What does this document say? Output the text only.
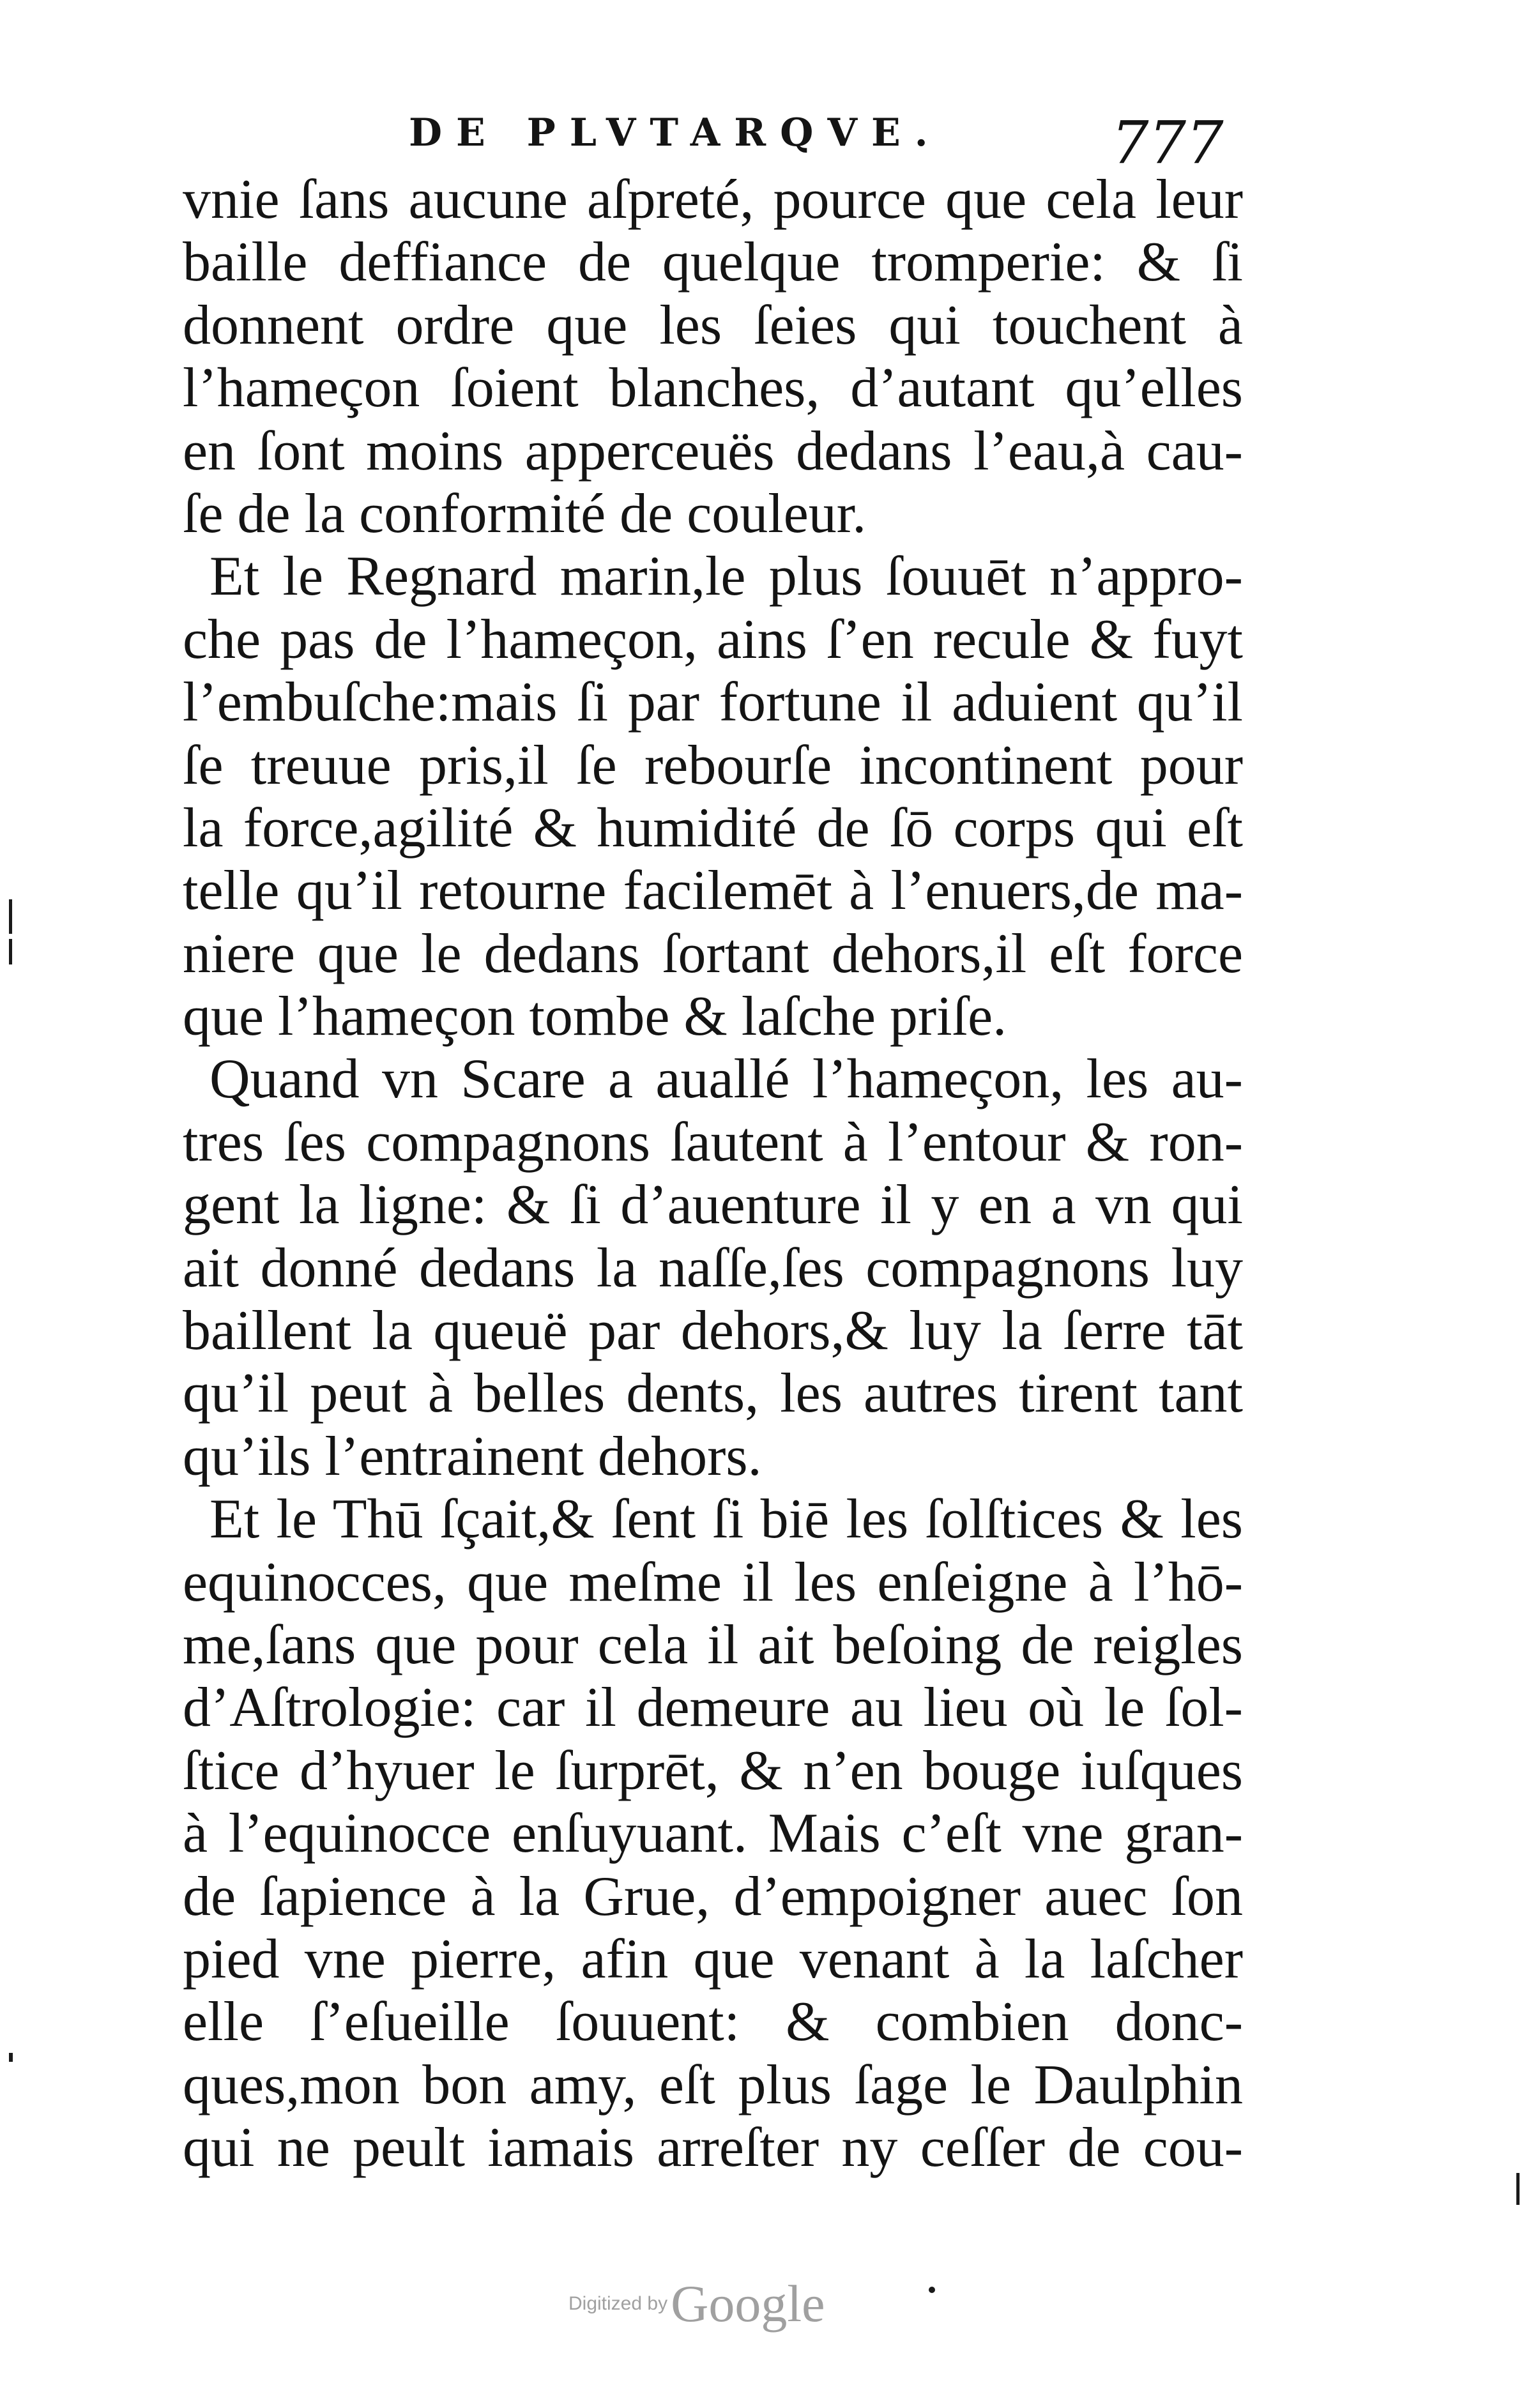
DE PLVTARQVE.	777
vnie ſans aucune aſpreté, pource que cela leur
baille deffiance de quelque tromperie: & ſi
donnent ordre que les ſeies qui touchent à
l’hameçon ſoient blanches, d’autant qu’elles
en ſont moins apperceuës dedans l’eau,à cau-
ſe de la conformité de couleur.
Et le Regnard marin,le plus ſouuēt n’appro-
che pas de l’hameçon, ains ſ’en recule & fuyt
l’embuſche:mais ſi par fortune il aduient qu’il
ſe treuue pris,il ſe rebourſe incontinent pour
la force,agilité & humidité de ſō corps qui eſt
telle qu’il retourne facilemēt à l’enuers,de ma-
niere que le dedans ſortant dehors,il eſt force
que l’hameçon tombe & laſche priſe.
Quand vn Scare a auallé l’hameçon, les au-
tres ſes compagnons ſautent à l’entour & ron-
gent la ligne: & ſi d’auenture il y en a vn qui
ait donné dedans la naſſe,ſes compagnons luy
baillent la queuë par dehors,& luy la ſerre tāt
qu’il peut à belles dents, les autres tirent tant
qu’ils l’entrainent dehors.
Et le Thū ſçait,& ſent ſi biē les ſolſtices & les
equinocces, que meſme il les enſeigne à l’hō-
me,ſans que pour cela il ait beſoing de reigles
d’Aſtrologie: car il demeure au lieu où le ſol-
ſtice d’hyuer le ſurprēt, & n’en bouge iuſques
à l’equinocce enſuyuant. Mais c’eſt vne gran-
de ſapience à la Grue, d’empoigner auec ſon
pied vne pierre, afin que venant à la laſcher
elle ſ’eſueille ſouuent: & combien donc-
ques,mon bon amy, eſt plus ſage le Daulphin
qui ne peult iamais arreſter ny ceſſer de cou-
Digitized by Google
